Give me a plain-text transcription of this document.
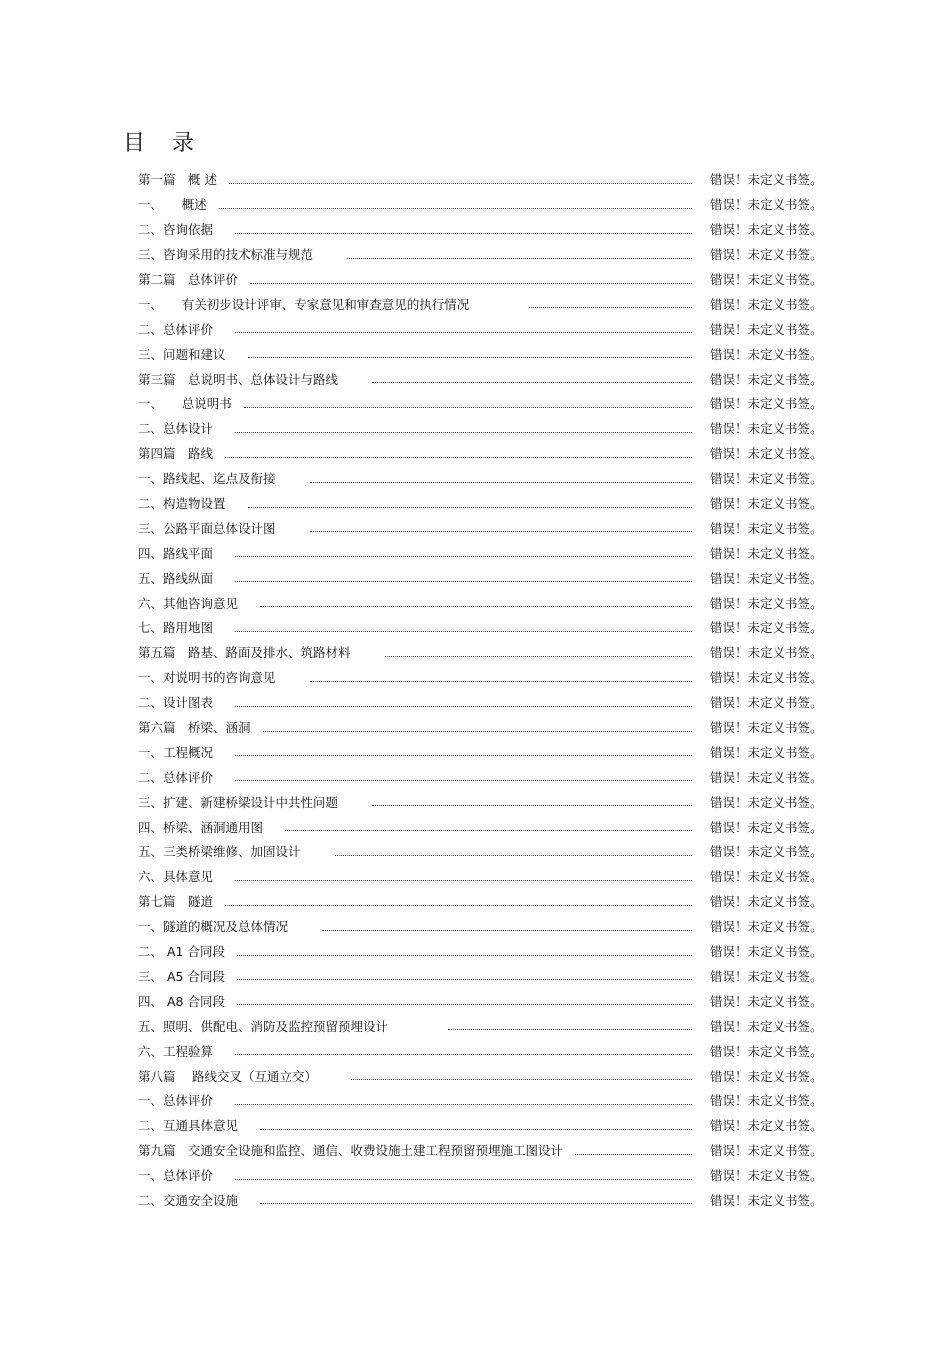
目 录
第一篇　概 述	错误！未定义书签。
一、　　概述	错误！未定义书签。
二、咨询依据	错误！未定义书签。
三、咨询采用的技术标准与规范	错误！未定义书签。
第二篇　总体评价	错误！未定义书签。
一、　　有关初步设计评审、专家意见和审查意见的执行情况	错误！未定义书签。
二、总体评价	错误！未定义书签。
三、问题和建议	错误！未定义书签。
第三篇　总说明书、总体设计与路线	错误！未定义书签。
一、　　总说明书	错误！未定义书签。
二、总体设计	错误！未定义书签。
第四篇　路线	错误！未定义书签。
一、路线起、迄点及衔接	错误！未定义书签。
二、构造物设置	错误！未定义书签。
三、公路平面总体设计图	错误！未定义书签。
四、路线平面	错误！未定义书签。
五、路线纵面	错误！未定义书签。
六、其他咨询意见	错误！未定义书签。
七、路用地图	错误！未定义书签。
第五篇　路基、路面及排水、筑路材料	错误！未定义书签。
一、对说明书的咨询意见	错误！未定义书签。
二、设计图表	错误！未定义书签。
第六篇　桥梁、涵洞	错误！未定义书签。
一、工程概况	错误！未定义书签。
二、总体评价	错误！未定义书签。
三、扩建、新建桥梁设计中共性问题	错误！未定义书签。
四、桥梁、涵洞通用图	错误！未定义书签。
五、三类桥梁维修、加固设计	错误！未定义书签。
六、具体意见	错误！未定义书签。
第七篇　隧道	错误！未定义书签。
一、隧道的概况及总体情况	错误！未定义书签。
二、 A1 合同段	错误！未定义书签。
三、 A5 合同段	错误！未定义书签。
四、 A8 合同段	错误！未定义书签。
五、照明、供配电、消防及监控预留预埋设计	错误！未定义书签。
六、工程验算	错误！未定义书签。
第八篇　 路线交叉（互通立交）	错误！未定义书签。
一、总体评价	错误！未定义书签。
二、互通具体意见	错误！未定义书签。
第九篇　交通安全设施和监控、通信、收费设施土建工程预留预埋施工图设计	错误！未定义书签。
一、总体评价	错误！未定义书签。
二、交通安全设施	错误！未定义书签。
